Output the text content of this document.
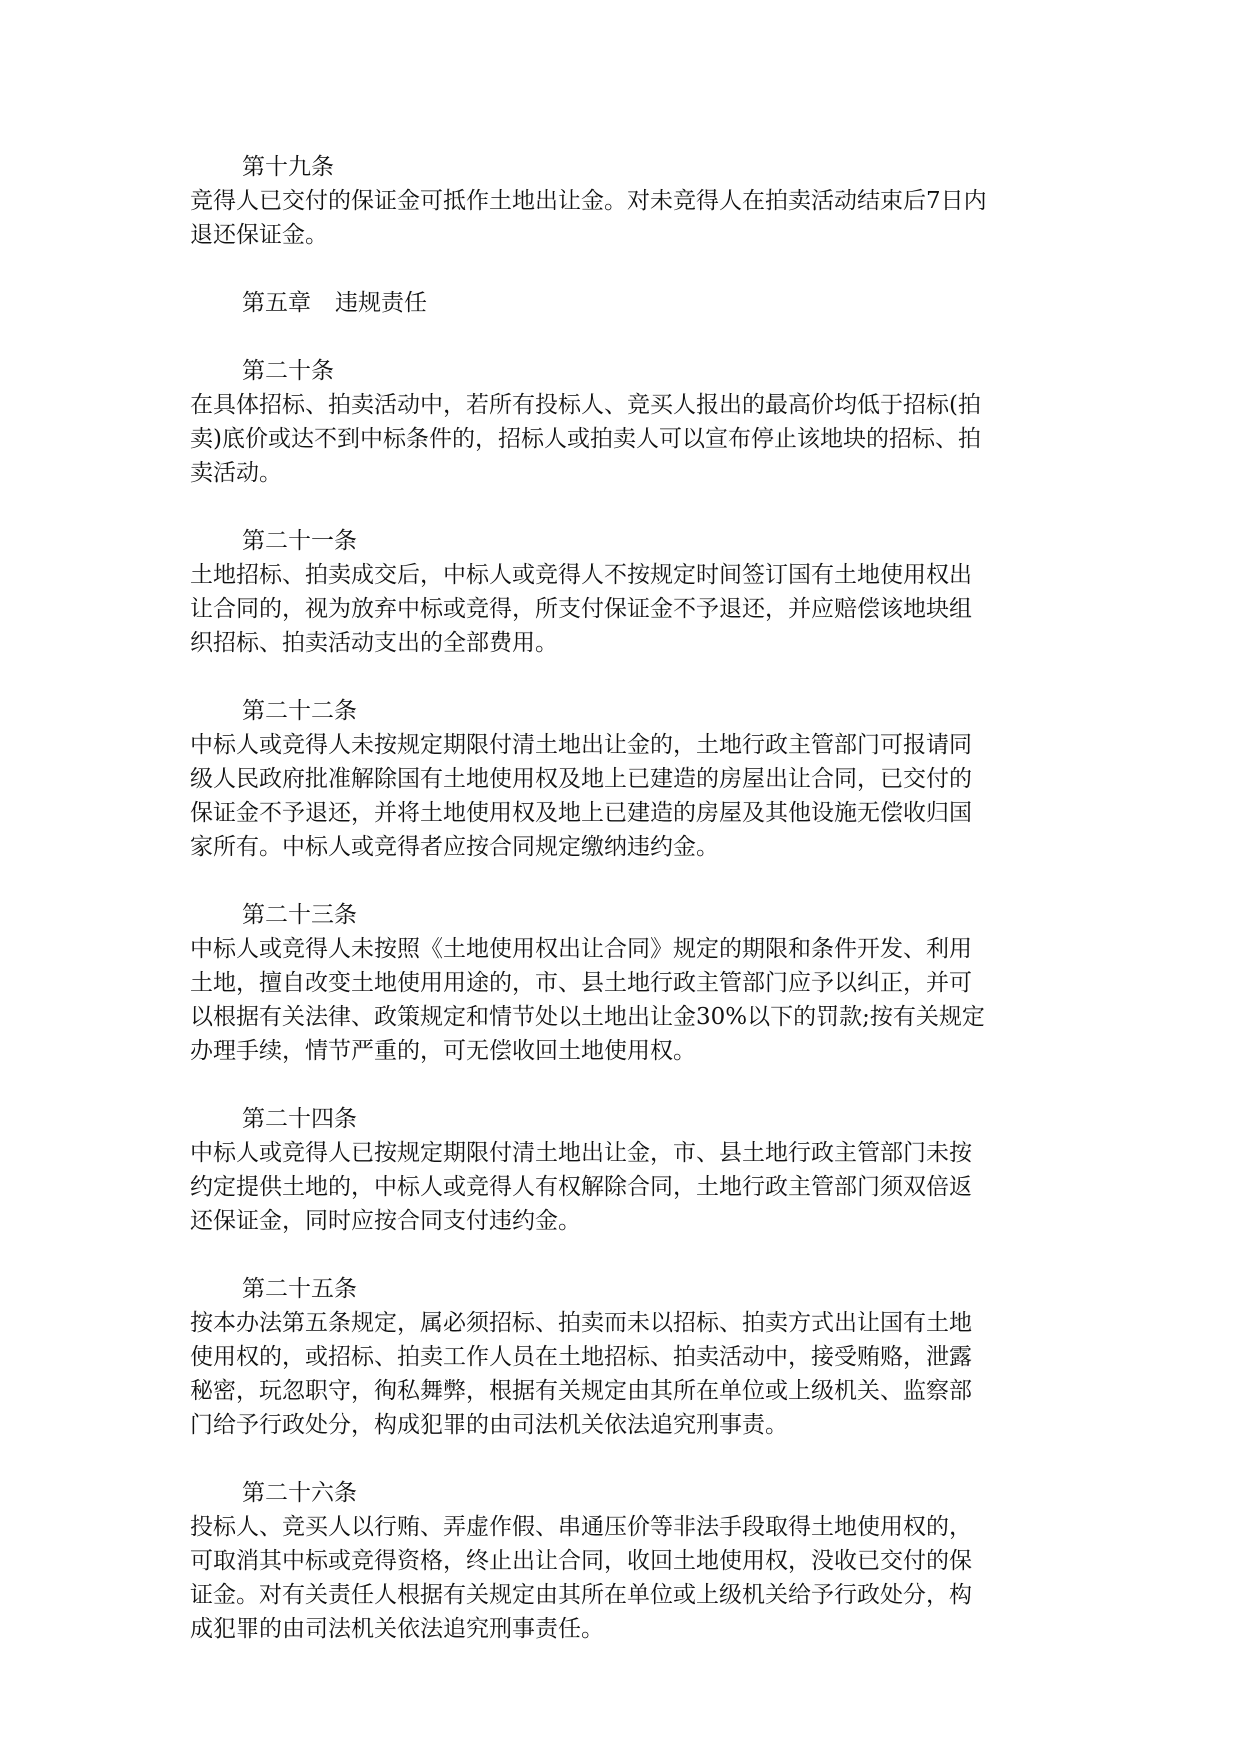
第十九条
竞得人已交付的保证金可抵作土地出让金。对未竞得人在拍卖活动结束后7日内
退还保证金。
第五章 违规责任
第二十条
在具体招标、拍卖活动中，若所有投标人、竞买人报出的最高价均低于招标(拍
卖)底价或达不到中标条件的，招标人或拍卖人可以宣布停止该地块的招标、拍
卖活动。
第二十一条
土地招标、拍卖成交后，中标人或竞得人不按规定时间签订国有土地使用权出
让合同的，视为放弃中标或竞得，所支付保证金不予退还，并应赔偿该地块组
织招标、拍卖活动支出的全部费用。
第二十二条
中标人或竞得人未按规定期限付清土地出让金的，土地行政主管部门可报请同
级人民政府批准解除国有土地使用权及地上已建造的房屋出让合同，已交付的
保证金不予退还，并将土地使用权及地上已建造的房屋及其他设施无偿收归国
家所有。中标人或竞得者应按合同规定缴纳违约金。
第二十三条
中标人或竞得人未按照《土地使用权出让合同》规定的期限和条件开发、利用
土地，擅自改变土地使用用途的，市、县土地行政主管部门应予以纠正，并可
以根据有关法律、政策规定和情节处以土地出让金30%以下的罚款;按有关规定
办理手续，情节严重的，可无偿收回土地使用权。
第二十四条
中标人或竞得人已按规定期限付清土地出让金，市、县土地行政主管部门未按
约定提供土地的，中标人或竞得人有权解除合同，土地行政主管部门须双倍返
还保证金，同时应按合同支付违约金。
第二十五条
按本办法第五条规定，属必须招标、拍卖而未以招标、拍卖方式出让国有土地
使用权的，或招标、拍卖工作人员在土地招标、拍卖活动中，接受贿赂，泄露
秘密，玩忽职守，徇私舞弊，根据有关规定由其所在单位或上级机关、监察部
门给予行政处分，构成犯罪的由司法机关依法追究刑事责。
第二十六条
投标人、竞买人以行贿、弄虚作假、串通压价等非法手段取得土地使用权的，
可取消其中标或竞得资格，终止出让合同，收回土地使用权，没收已交付的保
证金。对有关责任人根据有关规定由其所在单位或上级机关给予行政处分，构
成犯罪的由司法机关依法追究刑事责任。
